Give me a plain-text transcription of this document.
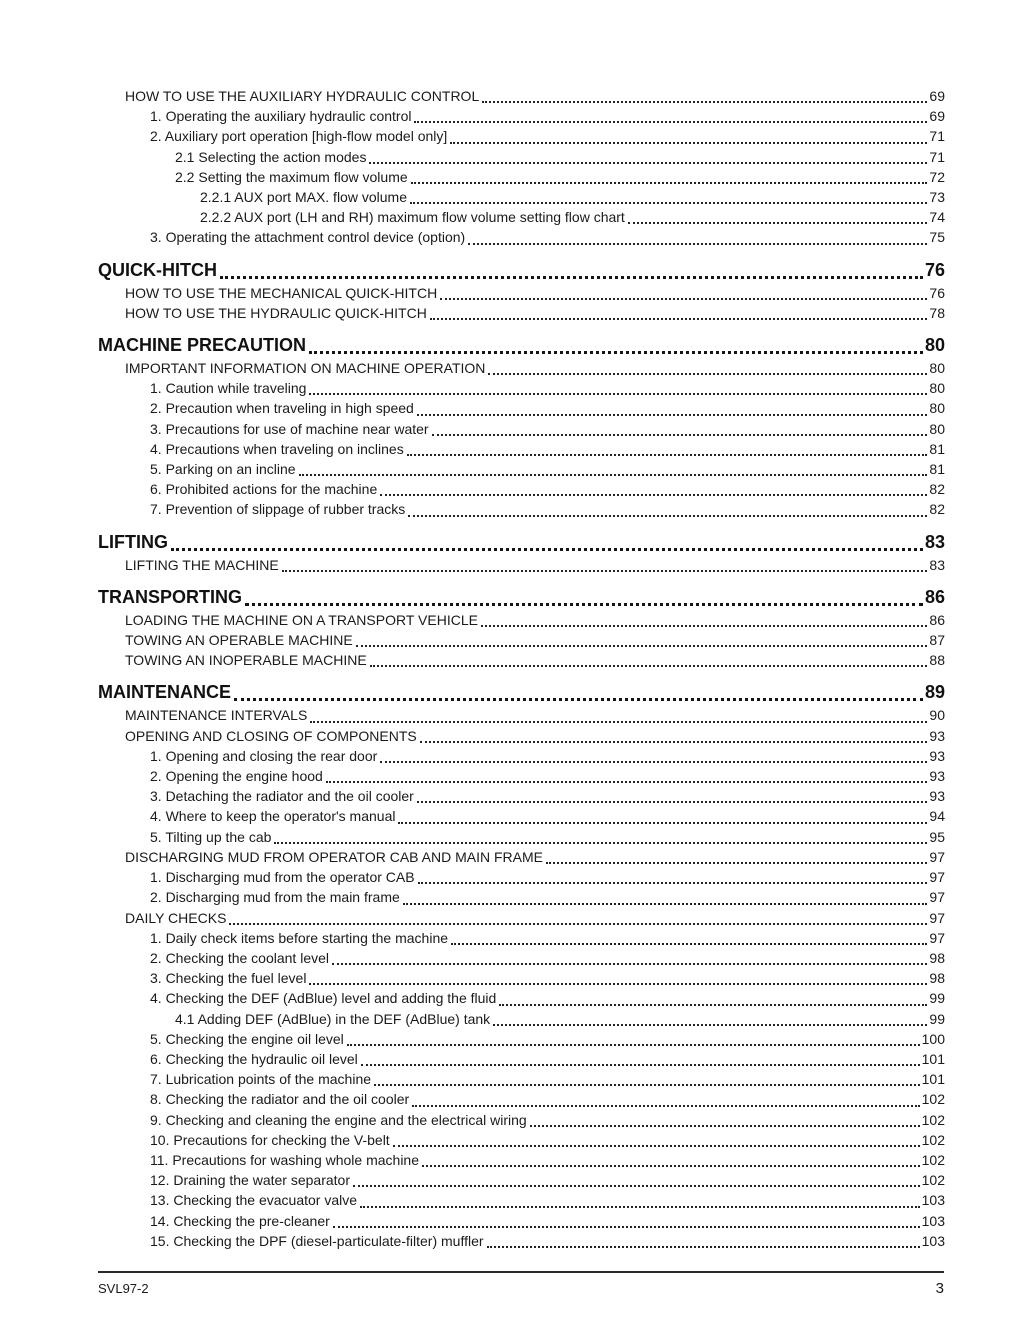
HOW TO USE THE AUXILIARY HYDRAULIC CONTROL	69
1. Operating the auxiliary hydraulic control	69
2. Auxiliary port operation [high-flow model only]	71
2.1 Selecting the action modes	71
2.2 Setting the maximum flow volume	72
2.2.1 AUX port MAX. flow volume	73
2.2.2 AUX port (LH and RH) maximum flow volume setting flow chart	74
3. Operating the attachment control device (option)	75
QUICK-HITCH	76
HOW TO USE THE MECHANICAL QUICK-HITCH	76
HOW TO USE THE HYDRAULIC QUICK-HITCH	78
MACHINE PRECAUTION	80
IMPORTANT INFORMATION ON MACHINE OPERATION	80
1. Caution while traveling	80
2. Precaution when traveling in high speed	80
3. Precautions for use of machine near water	80
4. Precautions when traveling on inclines	81
5. Parking on an incline	81
6. Prohibited actions for the machine	82
7. Prevention of slippage of rubber tracks	82
LIFTING	83
LIFTING THE MACHINE	83
TRANSPORTING	86
LOADING THE MACHINE ON A TRANSPORT VEHICLE	86
TOWING AN OPERABLE MACHINE	87
TOWING AN INOPERABLE MACHINE	88
MAINTENANCE	89
MAINTENANCE INTERVALS	90
OPENING AND CLOSING OF COMPONENTS	93
1. Opening and closing the rear door	93
2. Opening the engine hood	93
3. Detaching the radiator and the oil cooler	93
4. Where to keep the operator's manual	94
5. Tilting up the cab	95
DISCHARGING MUD FROM OPERATOR CAB AND MAIN FRAME	97
1. Discharging mud from the operator CAB	97
2. Discharging mud from the main frame	97
DAILY CHECKS	97
1. Daily check items before starting the machine	97
2. Checking the coolant level	98
3. Checking the fuel level	98
4. Checking the DEF (AdBlue) level and adding the fluid	99
4.1 Adding DEF (AdBlue) in the DEF (AdBlue) tank	99
5. Checking the engine oil level	100
6. Checking the hydraulic oil level	101
7. Lubrication points of the machine	101
8. Checking the radiator and the oil cooler	102
9. Checking and cleaning the engine and the electrical wiring	102
10. Precautions for checking the V-belt	102
11. Precautions for washing whole machine	102
12. Draining the water separator	102
13. Checking the evacuator valve	103
14. Checking the pre-cleaner	103
15. Checking the DPF (diesel-particulate-filter) muffler	103
SVL97-2	3
